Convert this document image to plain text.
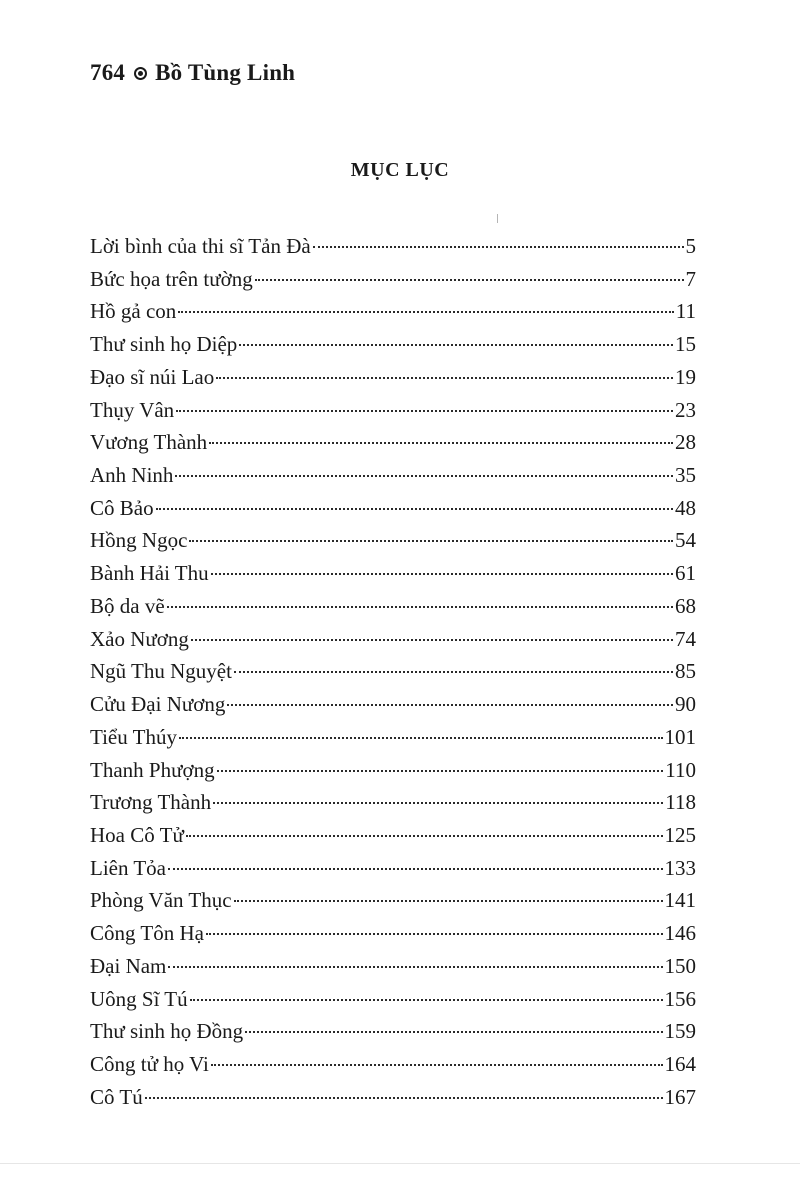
764 Bồ Tùng Linh
MỤC LỤC
Lời bình của thi sĩ Tản Đà	5
Bức họa trên tường	7
Hồ gả con	11
Thư sinh họ Diệp	15
Đạo sĩ núi Lao	19
Thụy Vân	23
Vương Thành	28
Anh Ninh	35
Cô Bảo	48
Hồng Ngọc	54
Bành Hải Thu	61
Bộ da vẽ	68
Xảo Nương	74
Ngũ Thu Nguyệt	85
Cửu Đại Nương	90
Tiểu Thúy	101
Thanh Phượng	110
Trương Thành	118
Hoa Cô Tử	125
Liên Tỏa	133
Phòng Văn Thục	141
Công Tôn Hạ	146
Đại Nam	150
Uông Sĩ Tú	156
Thư sinh họ Đồng	159
Công tử họ Vi	164
Cô Tú	167
